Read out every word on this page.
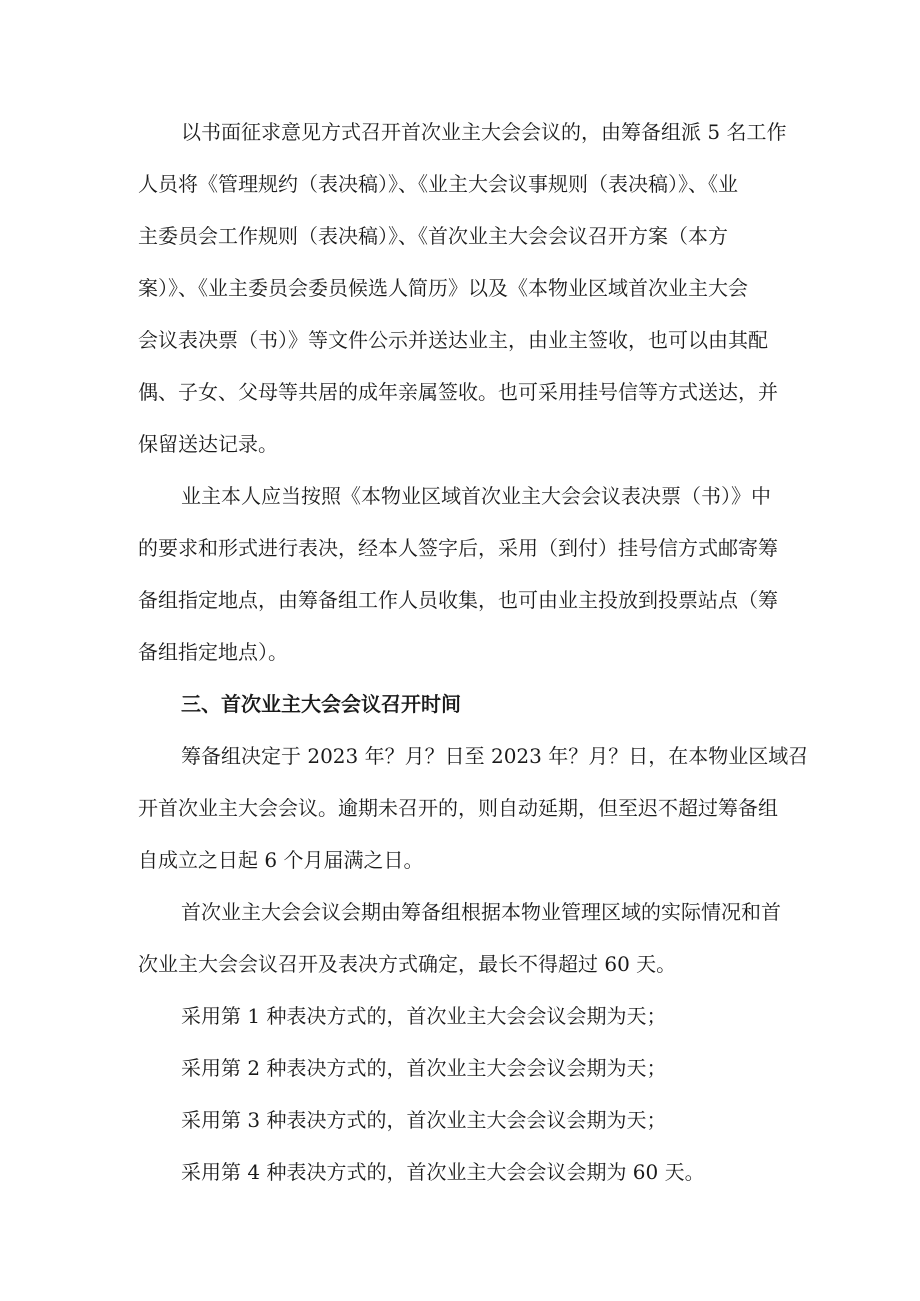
以书面征求意见方式召开首次业主大会会议的，由筹备组派 5 名工作
人员将《管理规约（表决稿）》、《业主大会议事规则（表决稿）》、《业
主委员会工作规则（表决稿）》、《首次业主大会会议召开方案（本方
案）》、《业主委员会委员候选人简历》以及《本物业区域首次业主大会
会议表决票（书）》等文件公示并送达业主，由业主签收，也可以由其配
偶、子女、父母等共居的成年亲属签收。也可采用挂号信等方式送达，并
保留送达记录。
业主本人应当按照《本物业区域首次业主大会会议表决票（书）》中
的要求和形式进行表决，经本人签字后，采用（到付）挂号信方式邮寄筹
备组指定地点，由筹备组工作人员收集，也可由业主投放到投票站点（筹
备组指定地点）。
三、首次业主大会会议召开时间
筹备组决定于 2023 年？月？日至 2023 年？月？日，在本物业区域召
开首次业主大会会议。逾期未召开的，则自动延期，但至迟不超过筹备组
自成立之日起 6 个月届满之日。
首次业主大会会议会期由筹备组根据本物业管理区域的实际情况和首
次业主大会会议召开及表决方式确定，最长不得超过 60 天。
采用第 1 种表决方式的，首次业主大会会议会期为天；
采用第 2 种表决方式的，首次业主大会会议会期为天；
采用第 3 种表决方式的，首次业主大会会议会期为天；
采用第 4 种表决方式的，首次业主大会会议会期为 60 天。
